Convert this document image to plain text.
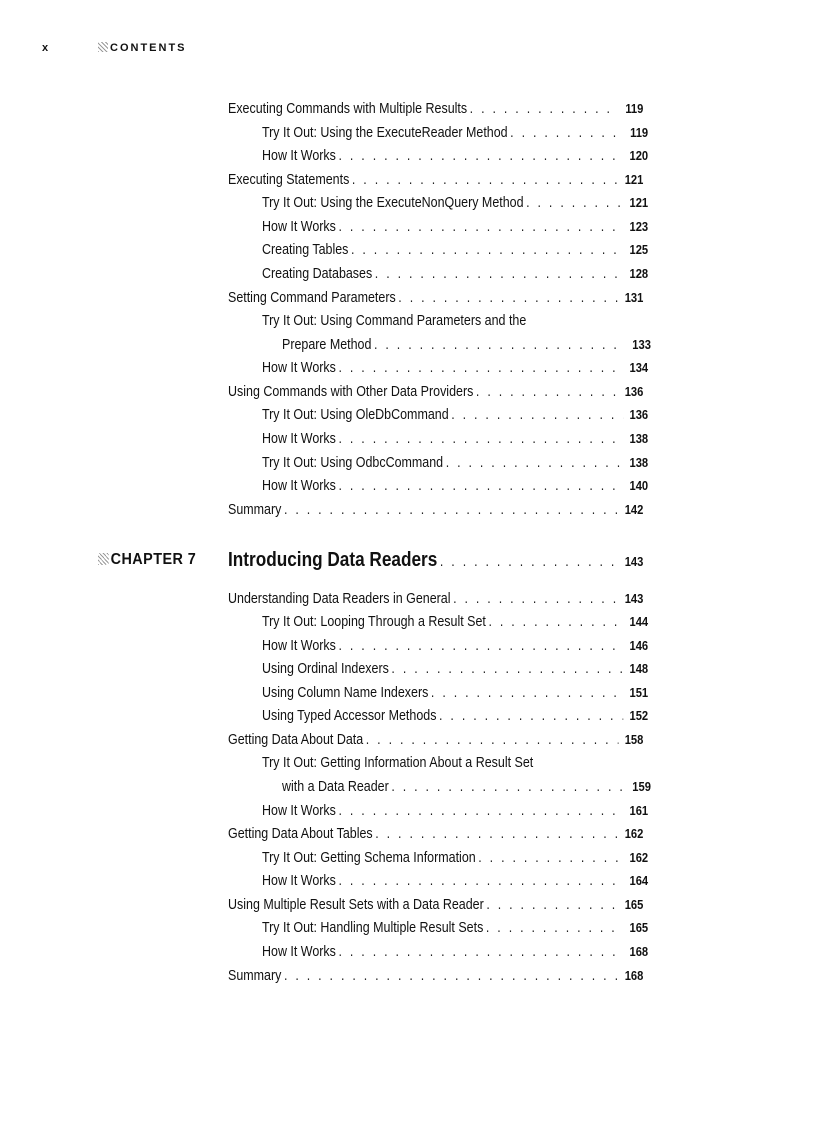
x	CONTENTS
Executing Commands with Multiple Results . . .	119
Try It Out: Using the ExecuteReader Method . . .	119
How It Works . . .	120
Executing Statements . . .	121
Try It Out: Using the ExecuteNonQuery Method . . .	121
How It Works . . .	123
Creating Tables . . .	125
Creating Databases . . .	128
Setting Command Parameters . . .	131
Try It Out: Using Command Parameters and the
Prepare Method . . .	133
How It Works . . .	134
Using Commands with Other Data Providers . . .	136
Try It Out: Using OleDbCommand . . .	136
How It Works . . .	138
Try It Out: Using OdbcCommand . . .	138
How It Works . . .	140
Summary . . .	142
CHAPTER 7 Introducing Data Readers . . .	143
Understanding Data Readers in General . . .	143
Try It Out: Looping Through a Result Set . . .	144
How It Works . . .	146
Using Ordinal Indexers . . .	148
Using Column Name Indexers . . .	151
Using Typed Accessor Methods . . .	152
Getting Data About Data . . .	158
Try It Out: Getting Information About a Result Set
with a Data Reader . . .	159
How It Works . . .	161
Getting Data About Tables . . .	162
Try It Out: Getting Schema Information . . .	162
How It Works . . .	164
Using Multiple Result Sets with a Data Reader . . .	165
Try It Out: Handling Multiple Result Sets . . .	165
How It Works . . .	168
Summary . . .	168
